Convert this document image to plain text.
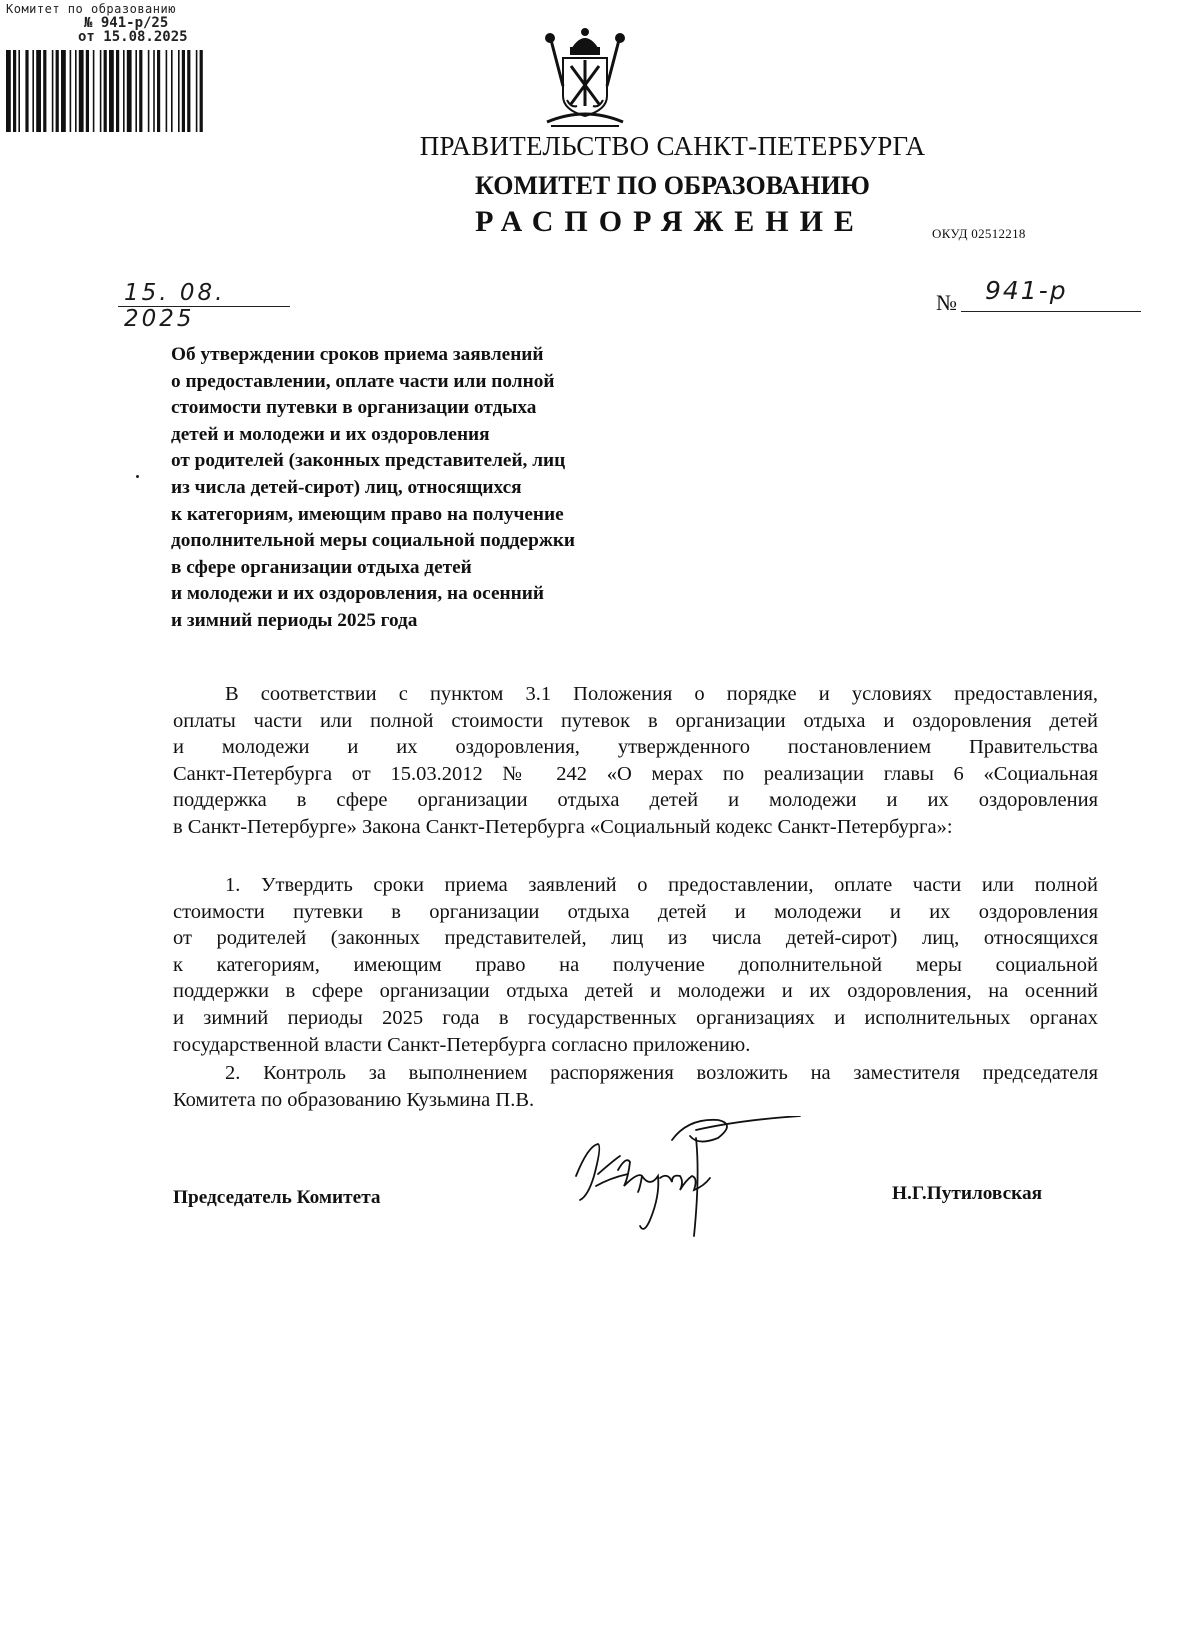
Комитет по образованию
№ 941-р/25
от 15.08.2025
ПРАВИТЕЛЬСТВО САНКТ-ПЕТЕРБУРГА
КОМИТЕТ ПО ОБРАЗОВАНИЮ
РАСПОРЯЖЕНИЕ	ОКУД 02512218
15. 08. 2025
№ 941-р
Об утверждении сроков приема заявлений
о предоставлении, оплате части или полной
стоимости путевки в организации отдыха
детей и молодежи и их оздоровления
от родителей (законных представителей, лиц
из числа детей-сирот) лиц, относящихся
к категориям, имеющим право на получение
дополнительной меры социальной поддержки
в сфере организации отдыха детей
и молодежи и их оздоровления, на осенний
и зимний периоды 2025 года
В соответствии с пунктом 3.1 Положения о порядке и условиях предоставления,
оплаты части или полной стоимости путевок в организации отдыха и оздоровления детей
и молодежи и их оздоровления, утвержденного постановлением Правительства
Санкт-Петербурга от 15.03.2012 № 242 «О мерах по реализации главы 6 «Социальная
поддержка в сфере организации отдыха детей и молодежи и их оздоровления
в Санкт-Петербурге» Закона Санкт-Петербурга «Социальный кодекс Санкт-Петербурга»:
1. Утвердить сроки приема заявлений о предоставлении, оплате части или полной
стоимости путевки в организации отдыха детей и молодежи и их оздоровления
от родителей (законных представителей, лиц из числа детей-сирот) лиц, относящихся
к категориям, имеющим право на получение дополнительной меры социальной
поддержки в сфере организации отдыха детей и молодежи и их оздоровления, на осенний
и зимний периоды 2025 года в государственных организациях и исполнительных органах
государственной власти Санкт-Петербурга согласно приложению.
2. Контроль за выполнением распоряжения возложить на заместителя председателя
Комитета по образованию Кузьмина П.В.
Председатель Комитета	Н.Г.Путиловская
